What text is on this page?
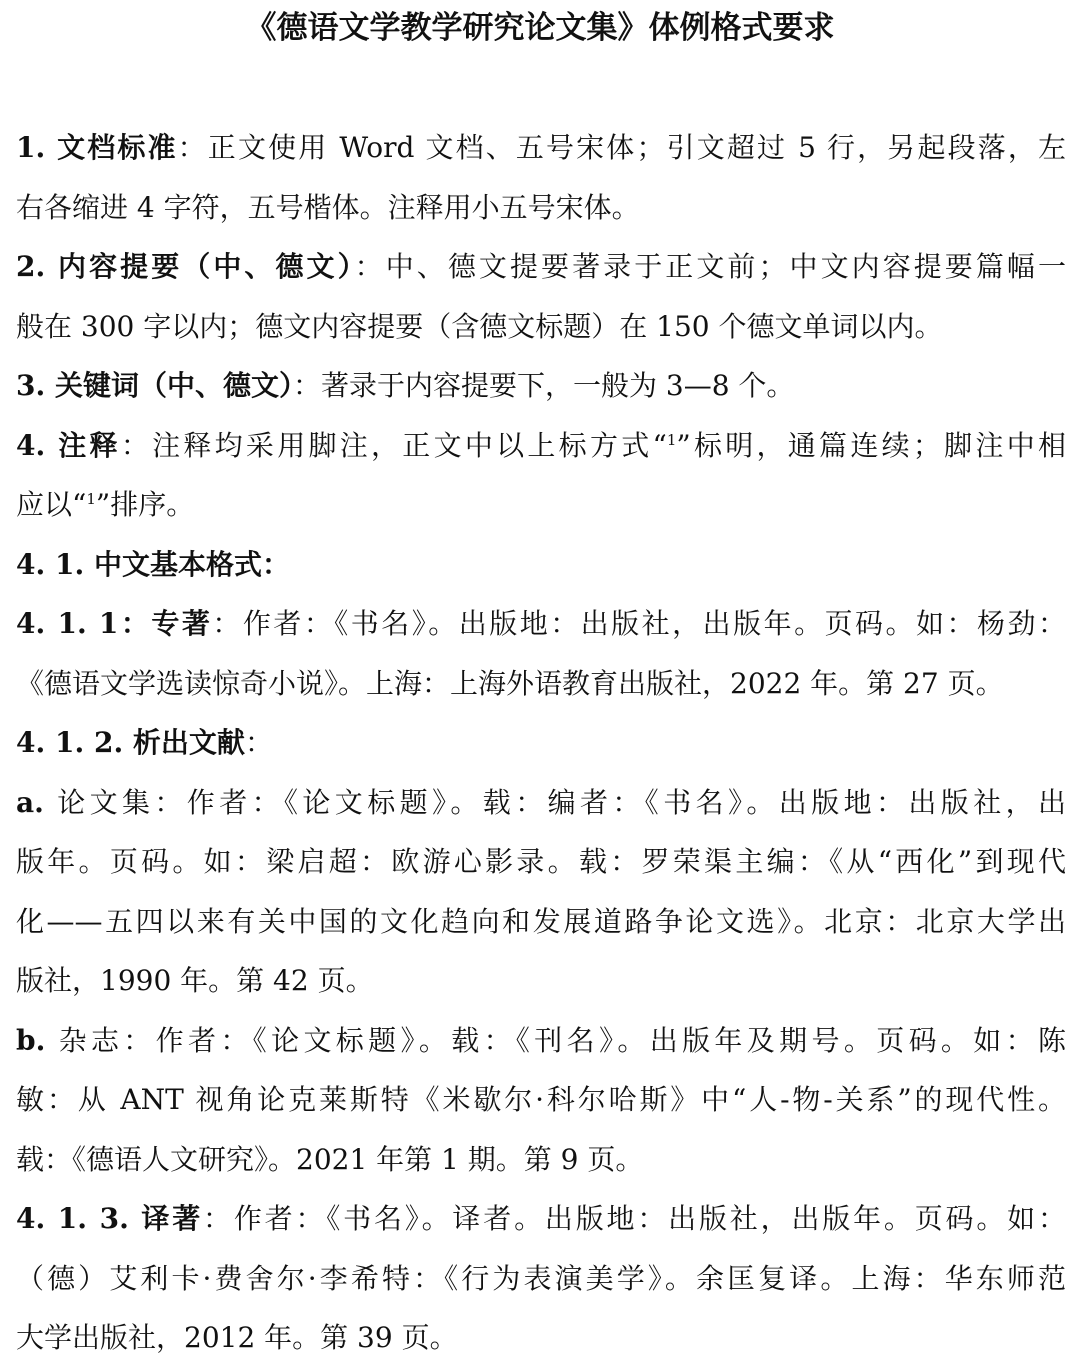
《德语文学教学研究论文集》体例格式要求
1. 文档标准：正文使用 Word 文档、五号宋体；引文超过 5 行，另起段落，左
右各缩进 4 字符，五号楷体。注释用小五号宋体。
2. 内容提要（中、德文）：中、德文提要著录于正文前；中文内容提要篇幅一
般在 300 字以内；德文内容提要（含德文标题）在 150 个德文单词以内。
3. 关键词（中、德文）：著录于内容提要下，一般为 3—8 个。
4. 注释：注释均采用脚注，正文中以上标方式“$^1$”标明，通篇连续；脚注中相
应以“$^1$”排序。
4. 1. 中文基本格式：
4. 1. 1：专著：作者：《书名》。出版地：出版社，出版年。页码。如：杨劲：
《德语文学选读惊奇小说》。上海：上海外语教育出版社，2022 年。第 27 页。
4. 1. 2. 析出文献：
a. 论文集：作者：《论文标题》。载：编者：《书名》。出版地：出版社，出
版年。页码。如：梁启超：欧游心影录。载：罗荣渠主编：《从“西化”到现代
化——五四以来有关中国的文化趋向和发展道路争论文选》。北京：北京大学出
版社，1990 年。第 42 页。
b. 杂志：作者：《论文标题》。载：《刊名》。出版年及期号。页码。如：陈
敏：从 ANT 视角论克莱斯特《米歇尔·科尔哈斯》中“人-物-关系”的现代性。
载：《德语人文研究》。2021 年第 1 期。第 9 页。
4. 1. 3. 译著：作者：《书名》。译者。出版地：出版社，出版年。页码。如：
（德）艾利卡·费舍尔·李希特：《行为表演美学》。余匡复译。上海：华东师范
大学出版社，2012 年。第 39 页。
